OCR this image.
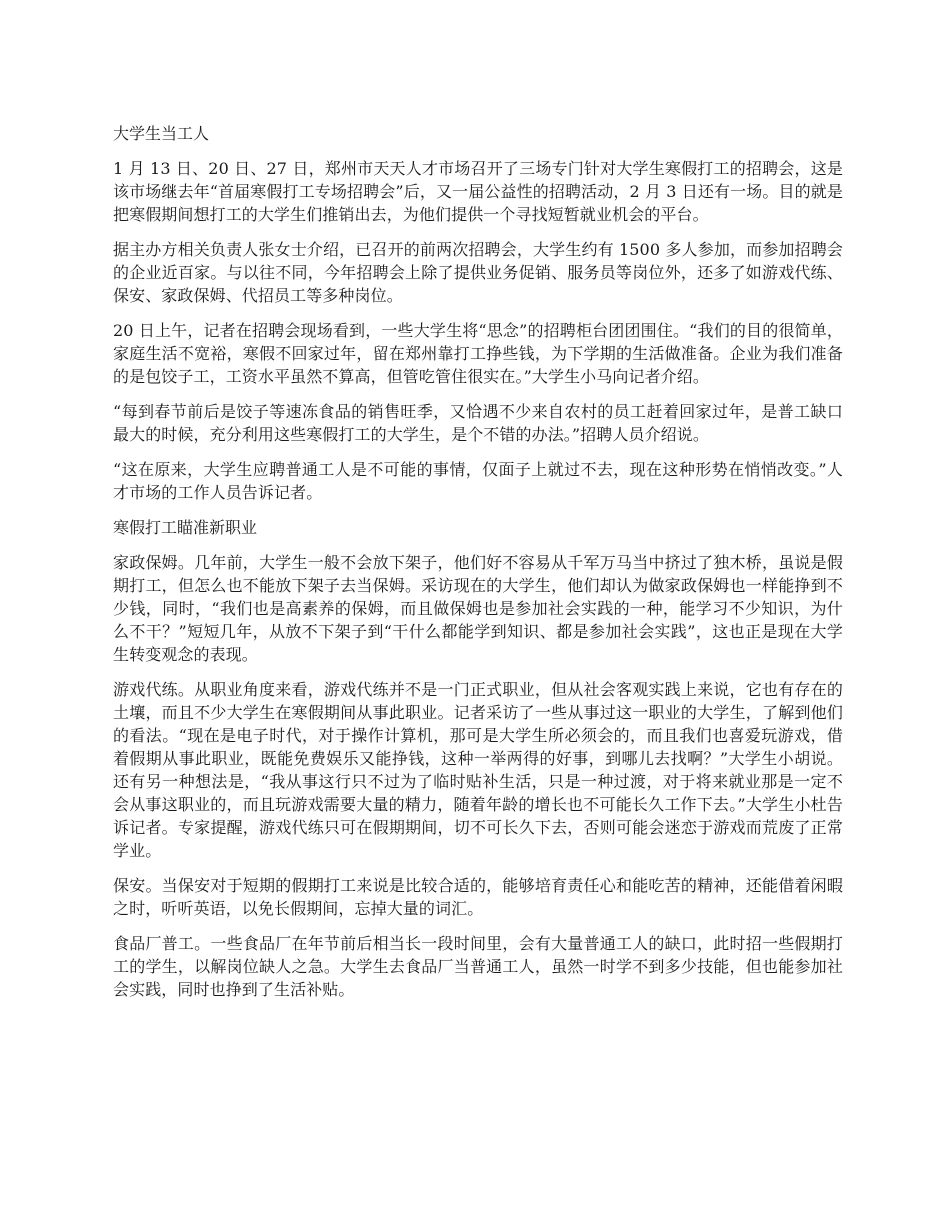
大学生当工人

1 月 13 日、20 日、27 日，郑州市天天人才市场召开了三场专门针对大学生寒假打工的招聘会，这是该市场继去年“首届寒假打工专场招聘会”后，又一届公益性的招聘活动，2 月 3 日还有一场。目的就是把寒假期间想打工的大学生们推销出去，为他们提供一个寻找短暂就业机会的平台。

据主办方相关负责人张女士介绍，已召开的前两次招聘会，大学生约有 1500 多人参加，而参加招聘会的企业近百家。与以往不同，今年招聘会上除了提供业务促销、服务员等岗位外，还多了如游戏代练、保安、家政保姆、代招员工等多种岗位。

20 日上午，记者在招聘会现场看到，一些大学生将“思念”的招聘柜台团团围住。“我们的目的很简单，家庭生活不宽裕，寒假不回家过年，留在郑州靠打工挣些钱，为下学期的生活做准备。企业为我们准备的是包饺子工，工资水平虽然不算高，但管吃管住很实在。”大学生小马向记者介绍。

“每到春节前后是饺子等速冻食品的销售旺季，又恰遇不少来自农村的员工赶着回家过年，是普工缺口最大的时候，充分利用这些寒假打工的大学生，是个不错的办法。”招聘人员介绍说。

“这在原来，大学生应聘普通工人是不可能的事情，仅面子上就过不去，现在这种形势在悄悄改变。”人才市场的工作人员告诉记者。

寒假打工瞄准新职业

家政保姆。几年前，大学生一般不会放下架子，他们好不容易从千军万马当中挤过了独木桥，虽说是假期打工，但怎么也不能放下架子去当保姆。采访现在的大学生，他们却认为做家政保姆也一样能挣到不少钱，同时，“我们也是高素养的保姆，而且做保姆也是参加社会实践的一种，能学习不少知识，为什么不干？”短短几年，从放不下架子到“干什么都能学到知识、都是参加社会实践”，这也正是现在大学生转变观念的表现。

游戏代练。从职业角度来看，游戏代练并不是一门正式职业，但从社会客观实践上来说，它也有存在的土壤，而且不少大学生在寒假期间从事此职业。记者采访了一些从事过这一职业的大学生，了解到他们的看法。“现在是电子时代，对于操作计算机，那可是大学生所必须会的，而且我们也喜爱玩游戏，借着假期从事此职业，既能免费娱乐又能挣钱，这种一举两得的好事，到哪儿去找啊？”大学生小胡说。还有另一种想法是，“我从事这行只不过为了临时贴补生活，只是一种过渡，对于将来就业那是一定不会从事这职业的，而且玩游戏需要大量的精力，随着年龄的增长也不可能长久工作下去。”大学生小杜告诉记者。专家提醒，游戏代练只可在假期期间，切不可长久下去，否则可能会迷恋于游戏而荒废了正常学业。

保安。当保安对于短期的假期打工来说是比较合适的，能够培育责任心和能吃苦的精神，还能借着闲暇之时，听听英语，以免长假期间，忘掉大量的词汇。

食品厂普工。一些食品厂在年节前后相当长一段时间里，会有大量普通工人的缺口，此时招一些假期打工的学生，以解岗位缺人之急。大学生去食品厂当普通工人，虽然一时学不到多少技能，但也能参加社会实践，同时也挣到了生活补贴。
